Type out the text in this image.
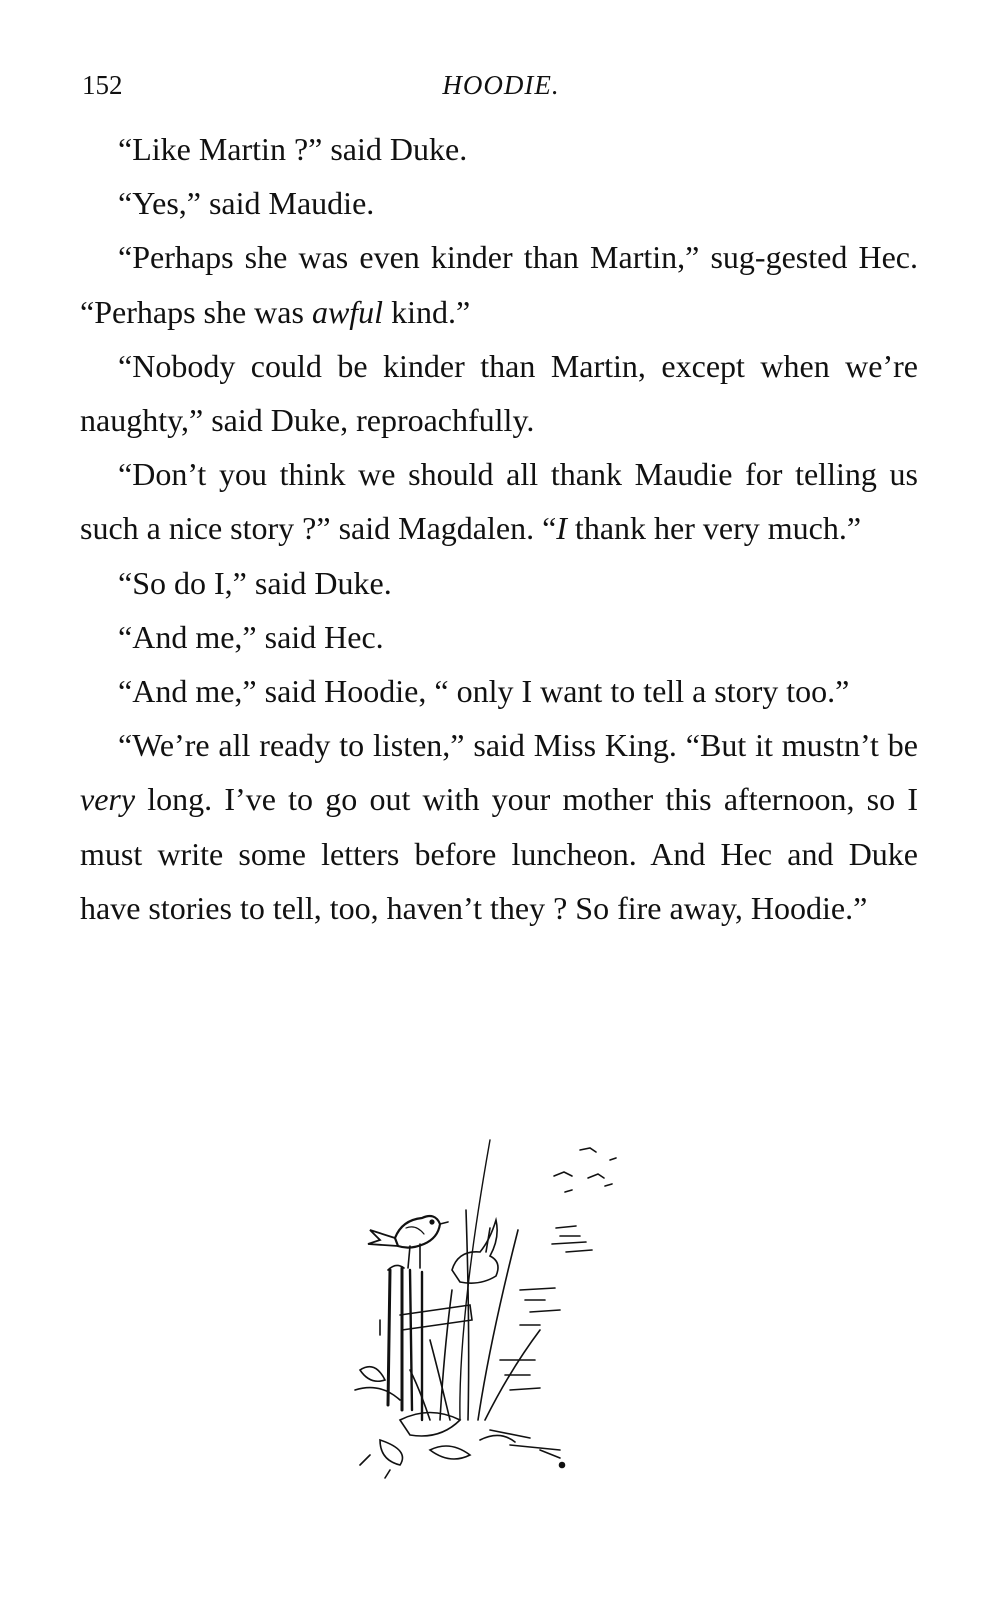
152	HOODIE.

“Like Martin ?” said Duke.

“Yes,” said Maudie.

“Perhaps she was even kinder than Martin,” sug-gested Hec. “Perhaps she was awful kind.”

“Nobody could be kinder than Martin, except when we’re naughty,” said Duke, reproachfully.

“Don’t you think we should all thank Maudie for telling us such a nice story ?” said Magdalen. “I thank her very much.”

“So do I,” said Duke.

“And me,” said Hec.

“And me,” said Hoodie, “ only I want to tell a story too.”

“We’re all ready to listen,” said Miss King. “But it mustn’t be very long. I’ve to go out with your mother this afternoon, so I must write some letters before luncheon. And Hec and Duke have stories to tell, too, haven’t they ? So fire away, Hoodie.”
